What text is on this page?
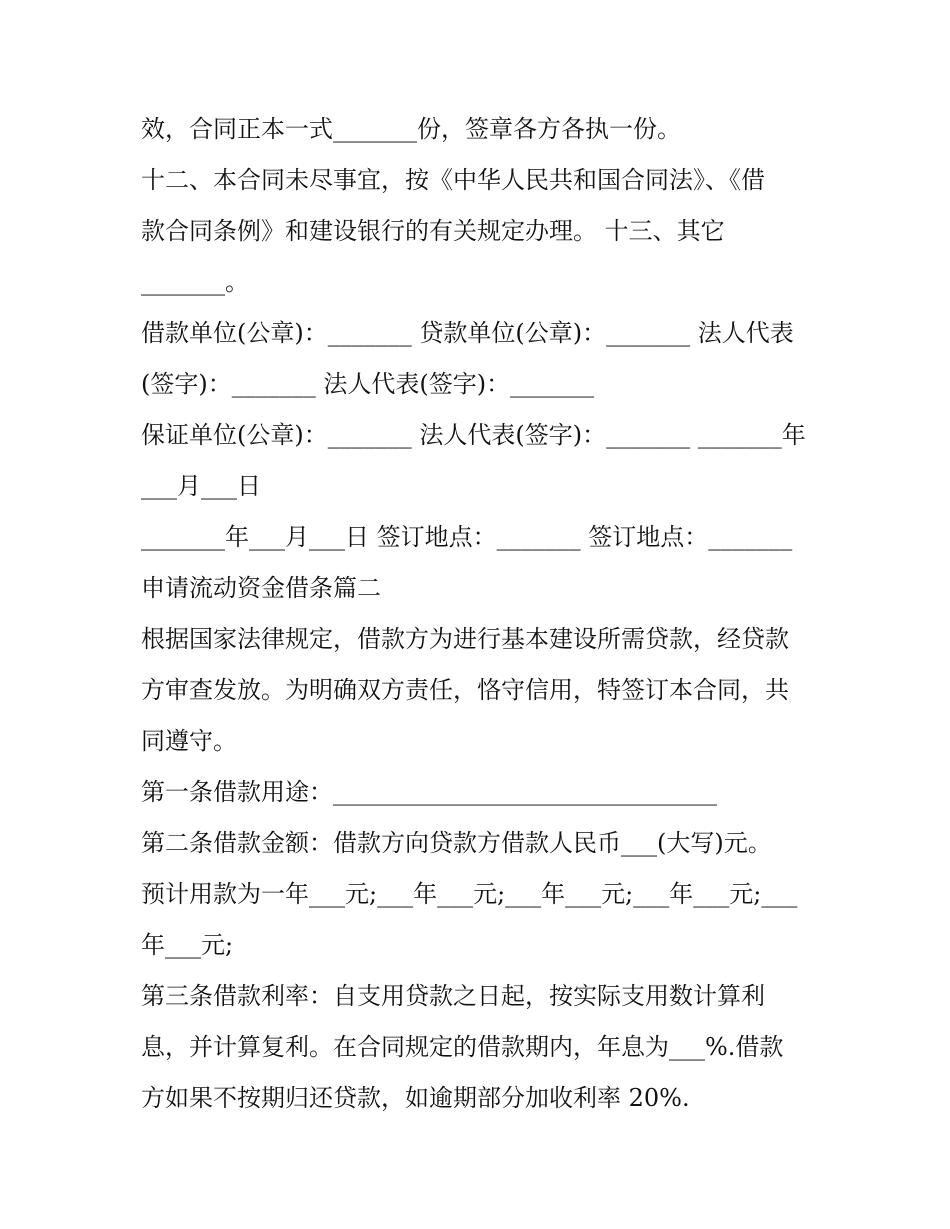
效，合同正本一式_______份，签章各方各执一份。
十二、本合同未尽事宜，按《中华人民共和国合同法》、《借
款合同条例》和建设银行的有关规定办理。 十三、其它
_______。
借款单位(公章)：_______ 贷款单位(公章)：_______ 法人代表
(签字)：_______ 法人代表(签字)：_______
保证单位(公章)：_______ 法人代表(签字)：_______ _______年
___月___日
_______年___月___日 签订地点：_______ 签订地点：_______
申请流动资金借条篇二
根据国家法律规定，借款方为进行基本建设所需贷款，经贷款
方审查发放。为明确双方责任，恪守信用，特签订本合同，共
同遵守。
第一条借款用途：________________________________
第二条借款金额：借款方向贷款方借款人民币___(大写)元。
预计用款为一年___元;___年___元;___年___元;___年___元;___
年___元;
第三条借款利率：自支用贷款之日起，按实际支用数计算利
息，并计算复利。在合同规定的借款期内，年息为___%.借款
方如果不按期归还贷款，如逾期部分加收利率 20%.
